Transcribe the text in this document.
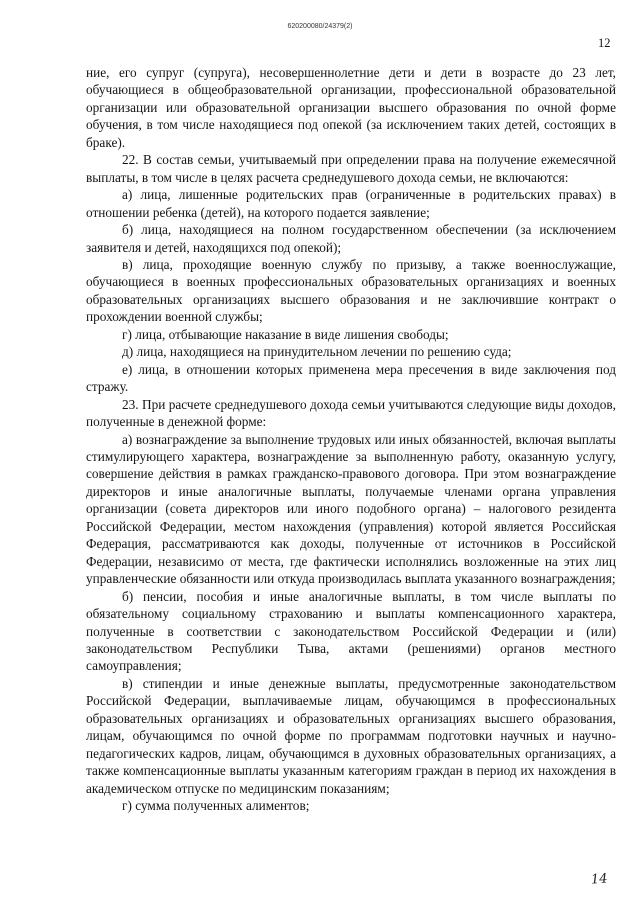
620200080/24379(2)
12

ние, его супруг (супруга), несовершеннолетние дети и дети в возрасте до 23 лет, обучающиеся в общеобразовательной организации, профессиональной образовательной организации или образовательной организации высшего образования по очной форме обучения, в том числе находящиеся под опекой (за исключением таких детей, состоящих в браке).

22. В состав семьи, учитываемый при определении права на получение ежемесячной выплаты, в том числе в целях расчета среднедушевого дохода семьи, не включаются:

а) лица, лишенные родительских прав (ограниченные в родительских правах) в отношении ребенка (детей), на которого подается заявление;

б) лица, находящиеся на полном государственном обеспечении (за исключением заявителя и детей, находящихся под опекой);

в) лица, проходящие военную службу по призыву, а также военнослужащие, обучающиеся в военных профессиональных образовательных организациях и военных образовательных организациях высшего образования и не заключившие контракт о прохождении военной службы;

г) лица, отбывающие наказание в виде лишения свободы;

д) лица, находящиеся на принудительном лечении по решению суда;

е) лица, в отношении которых применена мера пресечения в виде заключения под стражу.

23. При расчете среднедушевого дохода семьи учитываются следующие виды доходов, полученные в денежной форме:

а) вознаграждение за выполнение трудовых или иных обязанностей, включая выплаты стимулирующего характера, вознаграждение за выполненную работу, оказанную услугу, совершение действия в рамках гражданско-правового договора. При этом вознаграждение директоров и иные аналогичные выплаты, получаемые членами органа управления организации (совета директоров или иного подобного органа) – налогового резидента Российской Федерации, местом нахождения (управления) которой является Российская Федерация, рассматриваются как доходы, полученные от источников в Российской Федерации, независимо от места, где фактически исполнялись возложенные на этих лиц управленческие обязанности или откуда производилась выплата указанного вознаграждения;

б) пенсии, пособия и иные аналогичные выплаты, в том числе выплаты по обязательному социальному страхованию и выплаты компенсационного характера, полученные в соответствии с законодательством Российской Федерации и (или) законодательством Республики Тыва, актами (решениями) органов местного самоуправления;

в) стипендии и иные денежные выплаты, предусмотренные законодательством Российской Федерации, выплачиваемые лицам, обучающимся в профессиональных образовательных организациях и образовательных организациях высшего образования, лицам, обучающимся по очной форме по программам подготовки научных и научно-педагогических кадров, лицам, обучающимся в духовных образовательных организациях, а также компенсационные выплаты указанным категориям граждан в период их нахождения в академическом отпуске по медицинским показаниям;

г) сумма полученных алиментов;

14
